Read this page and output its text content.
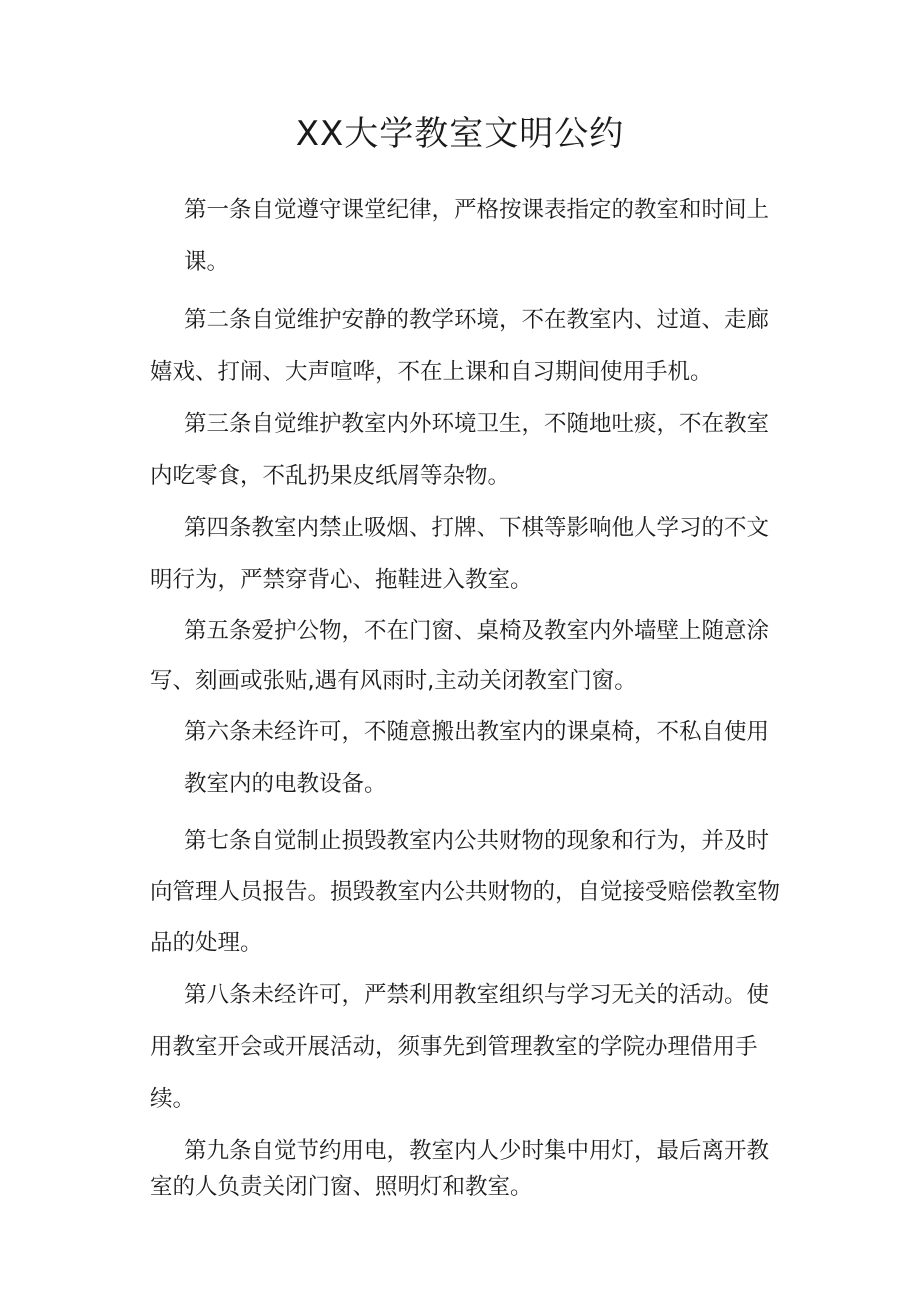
XX大学教室文明公约

第一条自觉遵守课堂纪律，严格按课表指定的教室和时间上课。

第二条自觉维护安静的教学环境，不在教室内、过道、走廊嬉戏、打闹、大声喧哗，不在上课和自习期间使用手机。

第三条自觉维护教室内外环境卫生，不随地吐痰，不在教室内吃零食，不乱扔果皮纸屑等杂物。

第四条教室内禁止吸烟、打牌、下棋等影响他人学习的不文明行为，严禁穿背心、拖鞋进入教室。

第五条爱护公物，不在门窗、桌椅及教室内外墙壁上随意涂写、刻画或张贴,遇有风雨时,主动关闭教室门窗。

第六条未经许可，不随意搬出教室内的课桌椅，不私自使用教室内的电教设备。

第七条自觉制止损毁教室内公共财物的现象和行为，并及时向管理人员报告。损毁教室内公共财物的，自觉接受赔偿教室物品的处理。

第八条未经许可，严禁利用教室组织与学习无关的活动。使用教室开会或开展活动，须事先到管理教室的学院办理借用手续。

第九条自觉节约用电，教室内人少时集中用灯，最后离开教室的人负责关闭门窗、照明灯和教室。
